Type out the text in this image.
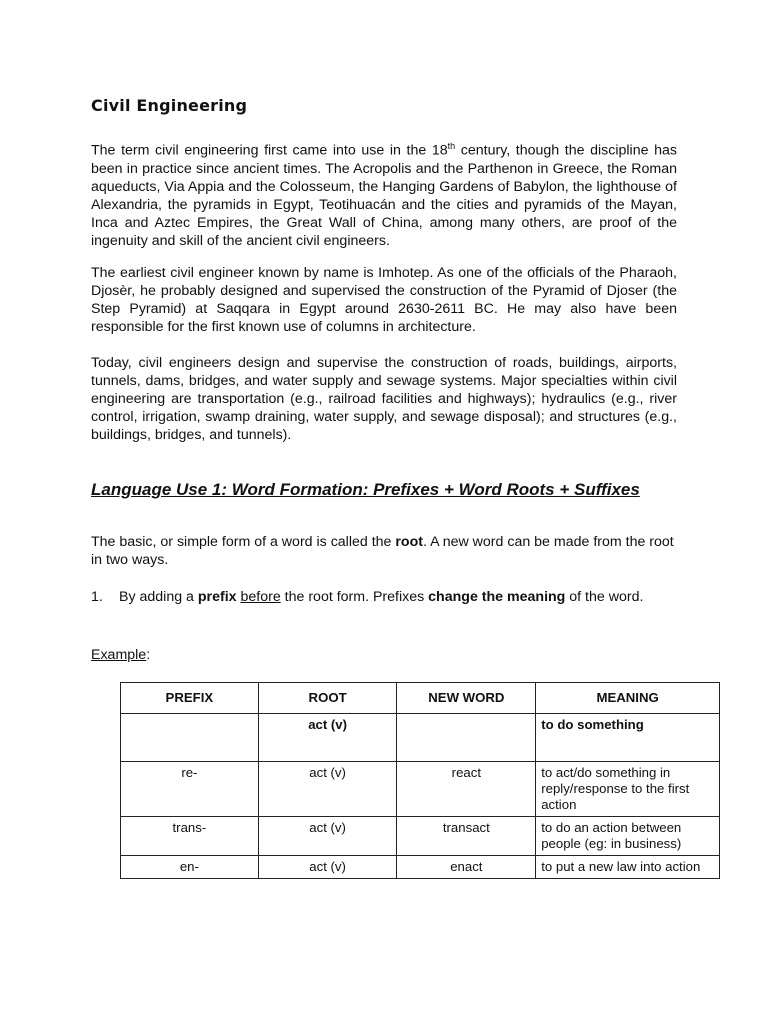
Civil Engineering

The term civil engineering first came into use in the 18th century, though the discipline has been in practice since ancient times. The Acropolis and the Parthenon in Greece, the Roman aqueducts, Via Appia and the Colosseum, the Hanging Gardens of Babylon, the lighthouse of Alexandria, the pyramids in Egypt, Teotihuacán and the cities and pyramids of the Mayan, Inca and Aztec Empires, the Great Wall of China, among many others, are proof of the ingenuity and skill of the ancient civil engineers.

The earliest civil engineer known by name is Imhotep. As one of the officials of the Pharaoh, Djosèr, he probably designed and supervised the construction of the Pyramid of Djoser (the Step Pyramid) at Saqqara in Egypt around 2630-2611 BC. He may also have been responsible for the first known use of columns in architecture.

Today, civil engineers design and supervise the construction of roads, buildings, airports, tunnels, dams, bridges, and water supply and sewage systems. Major specialties within civil engineering are transportation (e.g., railroad facilities and highways); hydraulics (e.g., river control, irrigation, swamp draining, water supply, and sewage disposal); and structures (e.g., buildings, bridges, and tunnels).

Language Use 1: Word Formation: Prefixes + Word Roots + Suffixes

The basic, or simple form of a word is called the root. A new word can be made from the root in two ways.

1. By adding a prefix before the root form. Prefixes change the meaning of the word.

Example:

PREFIX	ROOT	NEW WORD	MEANING
	act (v)		to do something
re-	act (v)	react	to act/do something in reply/response to the first action
trans-	act (v)	transact	to do an action between people (eg: in business)
en-	act (v)	enact	to put a new law into action
